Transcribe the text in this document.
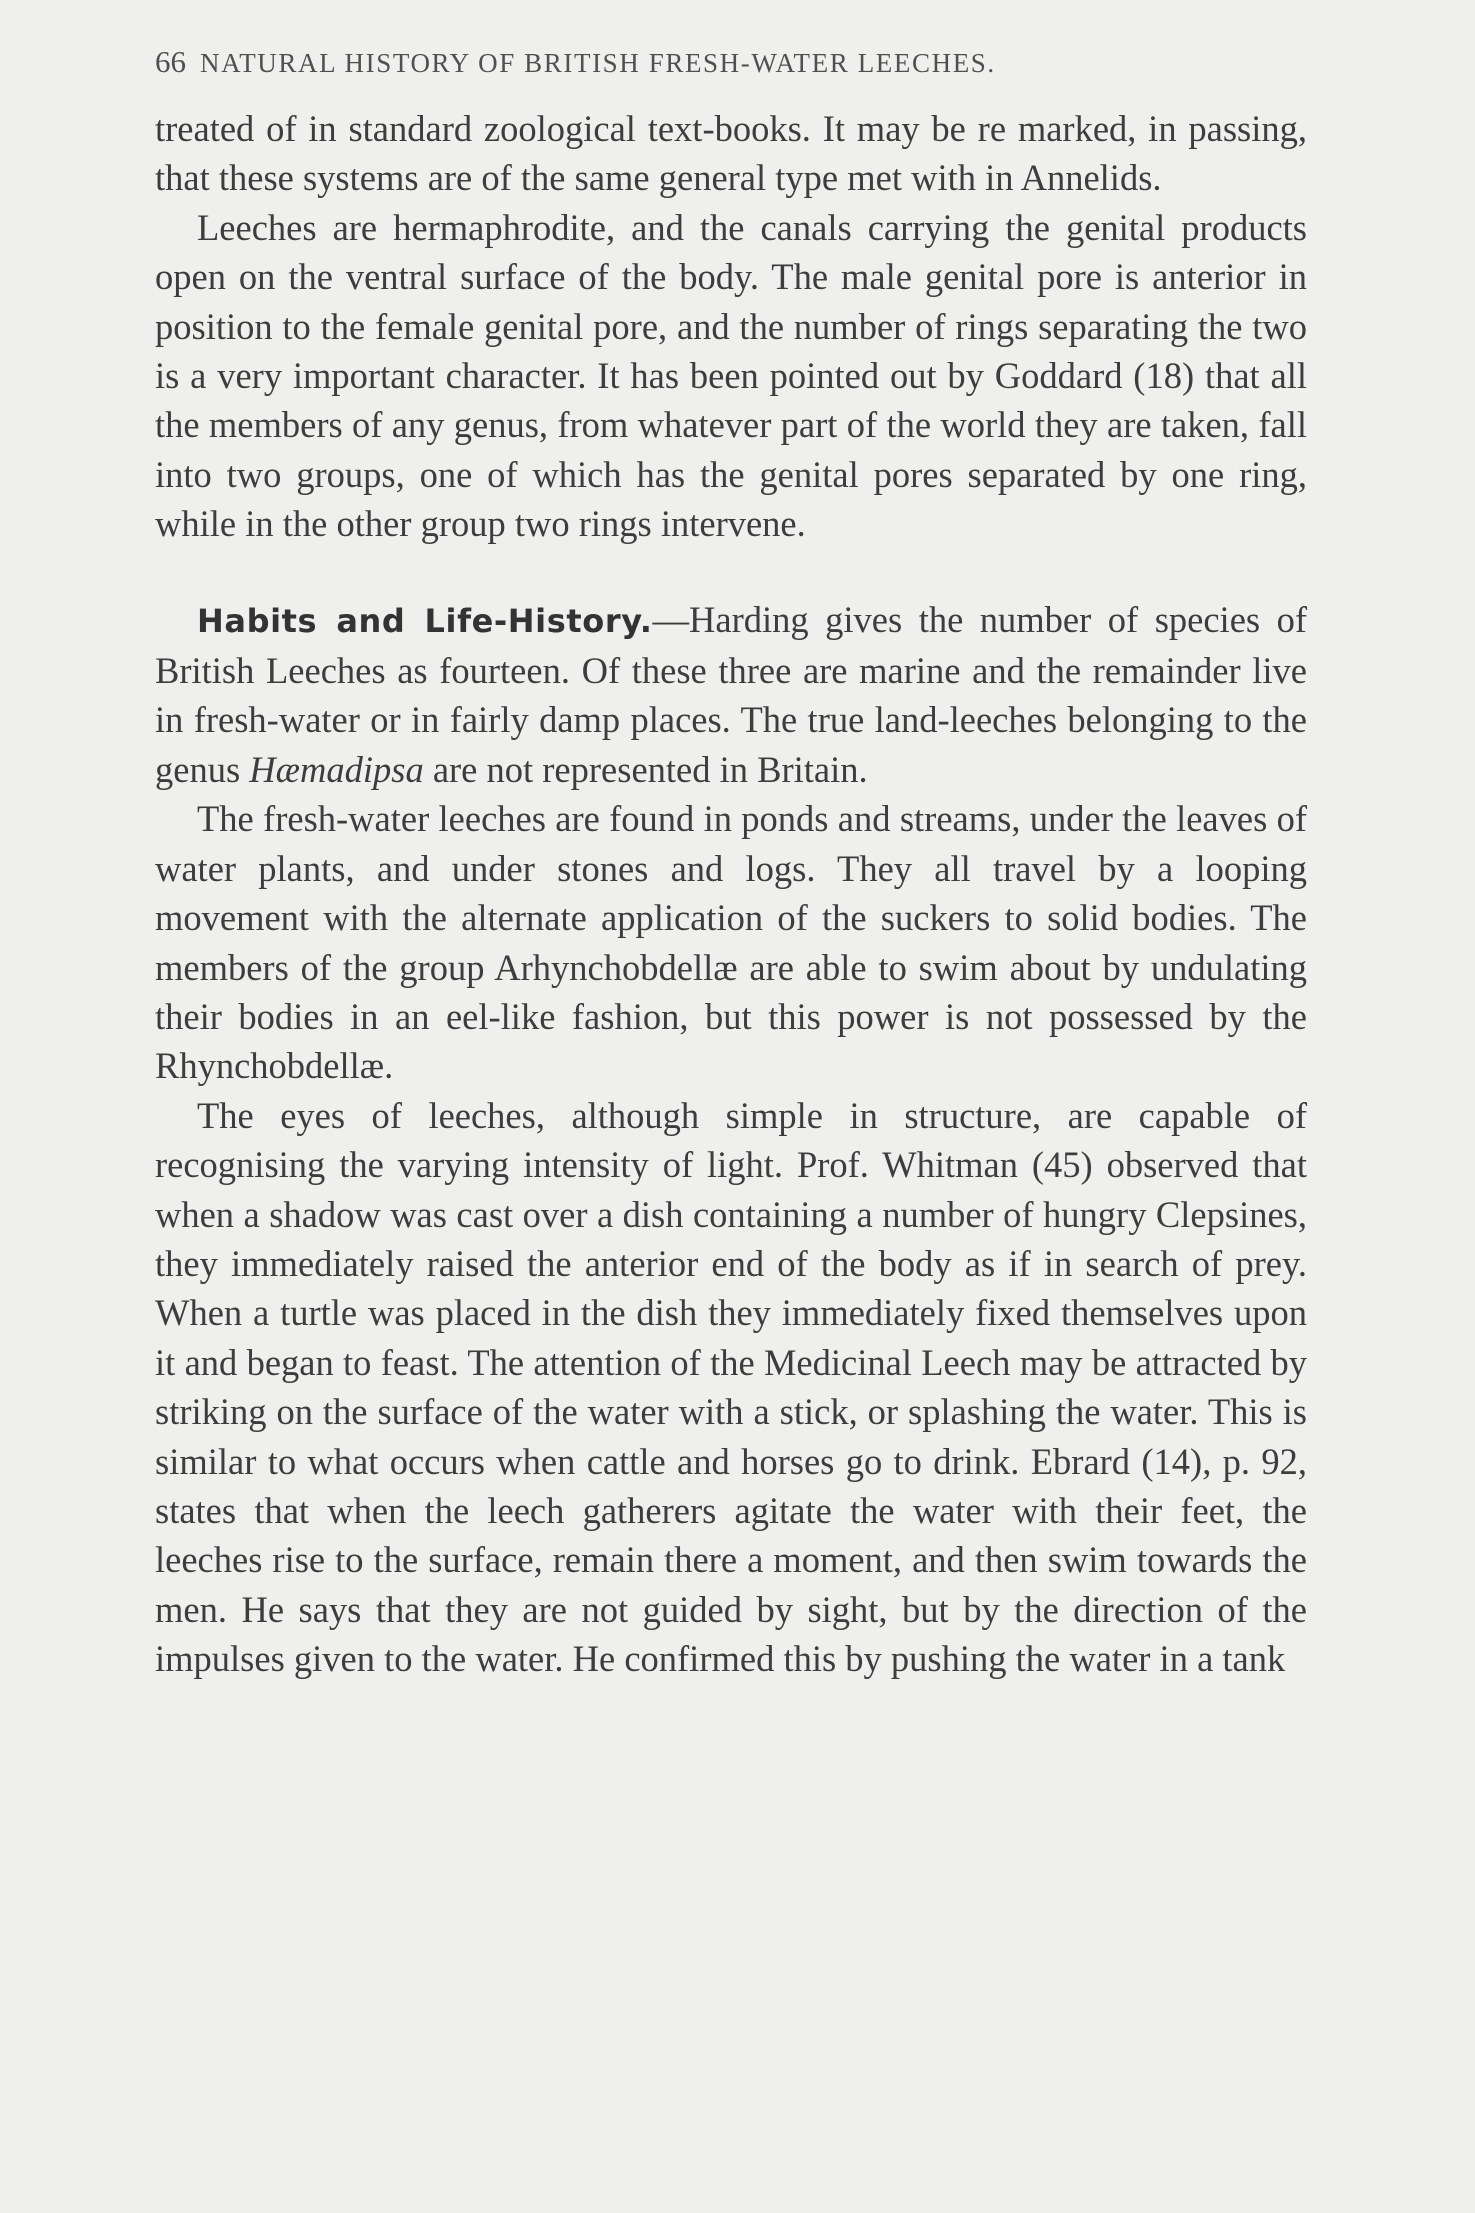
66 NATURAL HISTORY OF BRITISH FRESH-WATER LEECHES.

treated of in standard zoological text-books. It may be re marked, in passing, that these systems are of the same general type met with in Annelids.

Leeches are hermaphrodite, and the canals carrying the genital products open on the ventral surface of the body. The male genital pore is anterior in position to the female genital pore, and the number of rings separating the two is a very important character. It has been pointed out by Goddard (18) that all the members of any genus, from whatever part of the world they are taken, fall into two groups, one of which has the genital pores separated by one ring, while in the other group two rings intervene.

Habits and Life-History.—Harding gives the number of species of British Leeches as fourteen. Of these three are marine and the remainder live in fresh-water or in fairly damp places. The true land-leeches belonging to the genus Hæmadipsa are not represented in Britain.

The fresh-water leeches are found in ponds and streams, under the leaves of water plants, and under stones and logs. They all travel by a looping movement with the alternate application of the suckers to solid bodies. The members of the group Arhynchobdellæ are able to swim about by undulating their bodies in an eel-like fashion, but this power is not possessed by the Rhynchobdellæ.

The eyes of leeches, although simple in structure, are capable of recognising the varying intensity of light. Prof. Whitman (45) observed that when a shadow was cast over a dish containing a number of hungry Clepsines, they immediately raised the anterior end of the body as if in search of prey. When a turtle was placed in the dish they immediately fixed themselves upon it and began to feast. The attention of the Medicinal Leech may be attracted by striking on the surface of the water with a stick, or splashing the water. This is similar to what occurs when cattle and horses go to drink. Ebrard (14), p. 92, states that when the leech gatherers agitate the water with their feet, the leeches rise to the surface, remain there a moment, and then swim towards the men. He says that they are not guided by sight, but by the direction of the impulses given to the water. He confirmed this by pushing the water in a tank
